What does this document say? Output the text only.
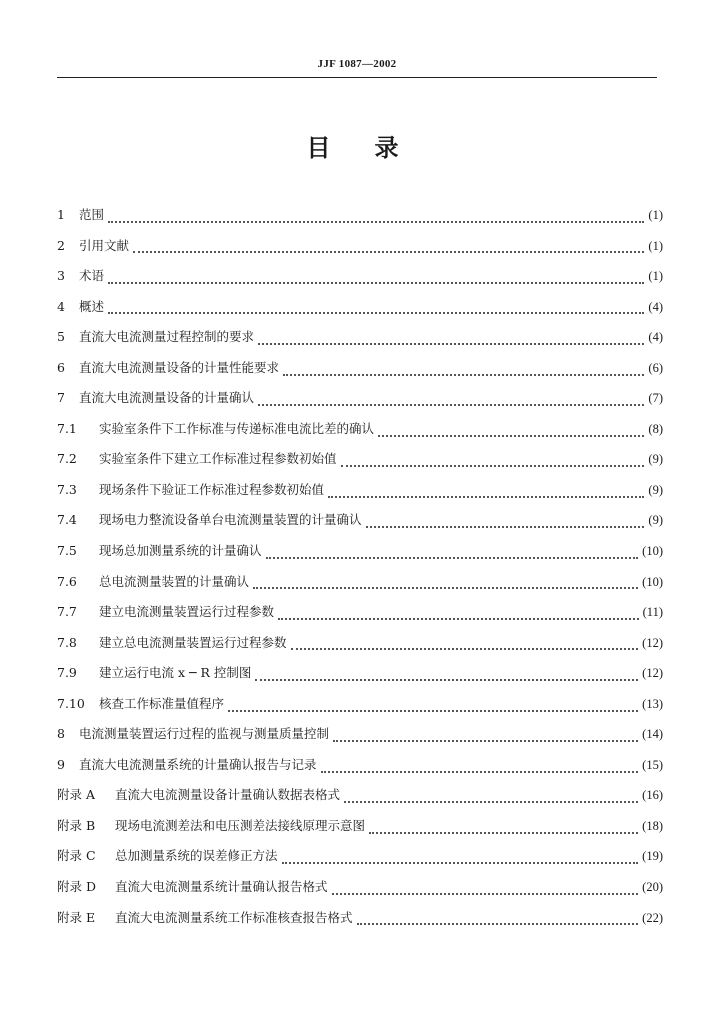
JJF 1087—2002
目录
1	范围	(1)
2	引用文献	(1)
3	术语	(1)
4	概述	(4)
5	直流大电流测量过程控制的要求	(4)
6	直流大电流测量设备的计量性能要求	(6)
7	直流大电流测量设备的计量确认	(7)
7.1	实验室条件下工作标准与传递标准电流比差的确认	(8)
7.2	实验室条件下建立工作标准过程参数初始值	(9)
7.3	现场条件下验证工作标准过程参数初始值	(9)
7.4	现场电力整流设备单台电流测量装置的计量确认	(9)
7.5	现场总加测量系统的计量确认	(10)
7.6	总电流测量装置的计量确认	(10)
7.7	建立电流测量装置运行过程参数	(11)
7.8	建立总电流测量装置运行过程参数	(12)
7.9	建立运行电流 x ─ R 控制图	(12)
7.10	核查工作标准量值程序	(13)
8	电流测量装置运行过程的监视与测量质量控制	(14)
9	直流大电流测量系统的计量确认报告与记录	(15)
附录 A	直流大电流测量设备计量确认数据表格式	(16)
附录 B	现场电流测差法和电压测差法接线原理示意图	(18)
附录 C	总加测量系统的误差修正方法	(19)
附录 D	直流大电流测量系统计量确认报告格式	(20)
附录 E	直流大电流测量系统工作标准核查报告格式	(22)
